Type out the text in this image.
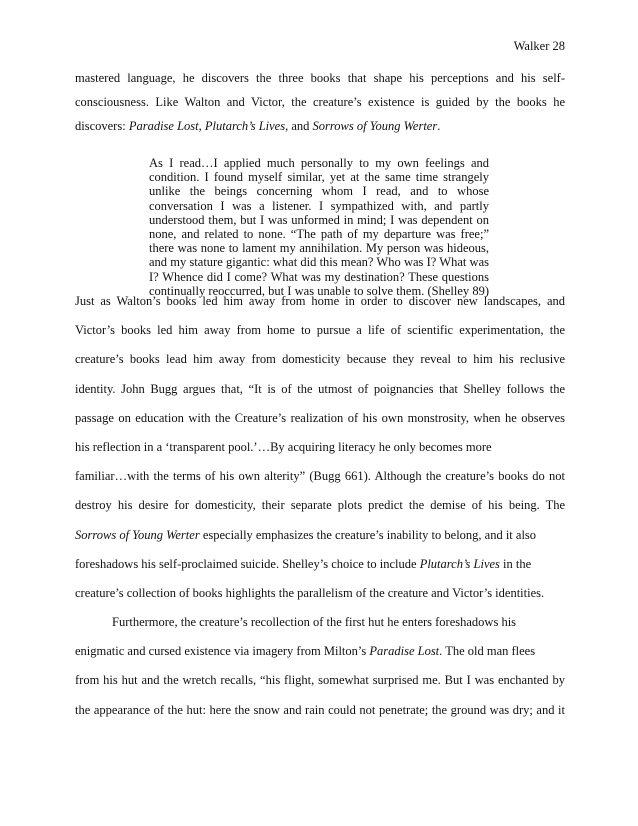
Walker 28
mastered language, he discovers the three books that shape his perceptions and his self-
consciousness. Like Walton and Victor, the creature’s existence is guided by the books he
discovers: Paradise Lost, Plutarch’s Lives, and Sorrows of Young Werter.
As I read…I applied much personally to my own feelings and
condition. I found myself similar, yet at the same time strangely
unlike the beings concerning whom I read, and to whose
conversation I was a listener. I sympathized with, and partly
understood them, but I was unformed in mind; I was dependent on
none, and related to none. “The path of my departure was free;”
there was none to lament my annihilation. My person was hideous,
and my stature gigantic: what did this mean? Who was I? What was
I? Whence did I come? What was my destination? These questions
continually reoccurred, but I was unable to solve them. (Shelley 89)
Just as Walton’s books led him away from home in order to discover new landscapes, and
Victor’s books led him away from home to pursue a life of scientific experimentation, the
creature’s books lead him away from domesticity because they reveal to him his reclusive
identity. John Bugg argues that, “It is of the utmost of poignancies that Shelley follows the
passage on education with the Creature’s realization of his own monstrosity, when he observes
his reflection in a ‘transparent pool.’…By acquiring literacy he only becomes more
familiar…with the terms of his own alterity” (Bugg 661). Although the creature’s books do not
destroy his desire for domesticity, their separate plots predict the demise of his being. The
Sorrows of Young Werter especially emphasizes the creature’s inability to belong, and it also
foreshadows his self-proclaimed suicide. Shelley’s choice to include Plutarch’s Lives in the
creature’s collection of books highlights the parallelism of the creature and Victor’s identities.
Furthermore, the creature’s recollection of the first hut he enters foreshadows his
enigmatic and cursed existence via imagery from Milton’s Paradise Lost. The old man flees
from his hut and the wretch recalls, “his flight, somewhat surprised me. But I was enchanted by
the appearance of the hut: here the snow and rain could not penetrate; the ground was dry; and it
